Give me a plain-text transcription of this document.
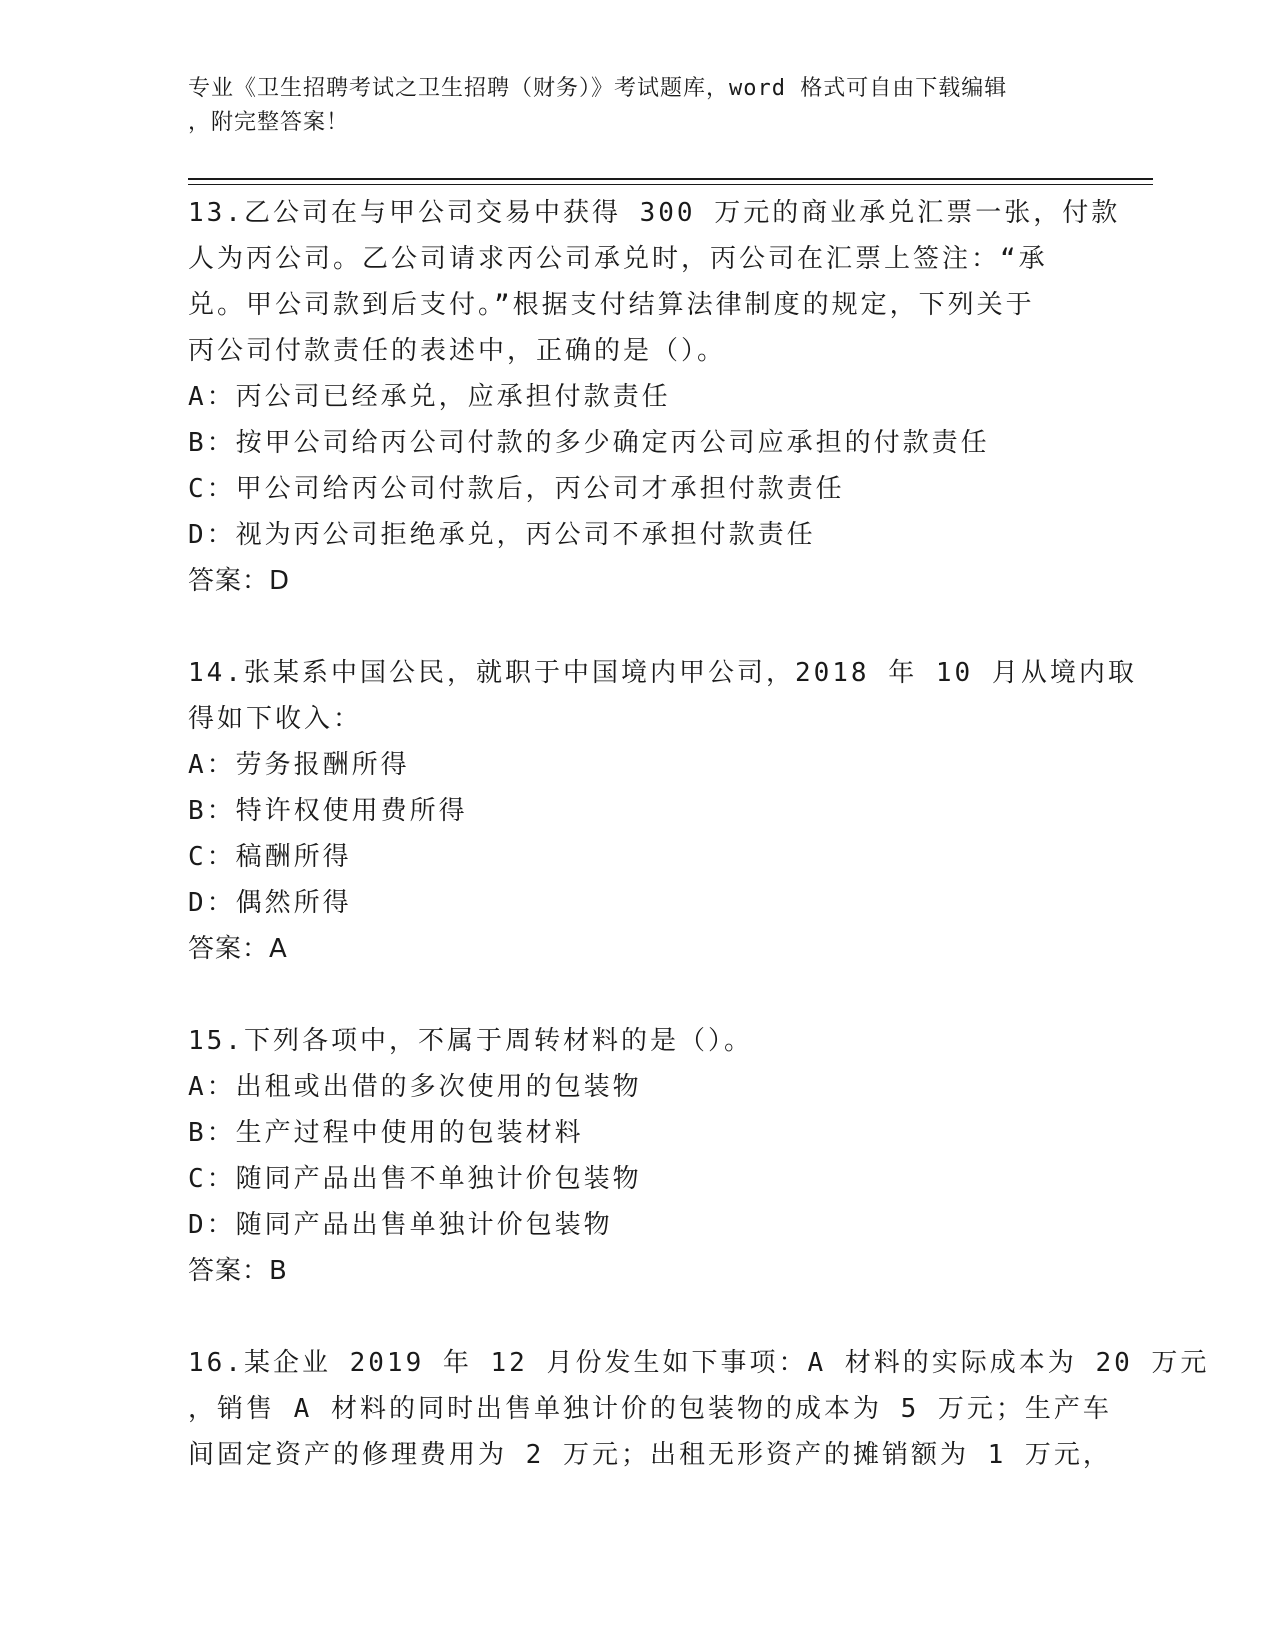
专业《卫生招聘考试之卫生招聘（财务）》考试题库，word 格式可自由下载编辑
，附完整答案！
13.乙公司在与甲公司交易中获得 300 万元的商业承兑汇票一张，付款
人为丙公司。乙公司请求丙公司承兑时，丙公司在汇票上签注：“承
兑。甲公司款到后支付。”根据支付结算法律制度的规定，下列关于
丙公司付款责任的表述中，正确的是（）。
A：丙公司已经承兑，应承担付款责任
B：按甲公司给丙公司付款的多少确定丙公司应承担的付款责任
C：甲公司给丙公司付款后，丙公司才承担付款责任
D：视为丙公司拒绝承兑，丙公司不承担付款责任
答案：D
14.张某系中国公民，就职于中国境内甲公司，2018 年 10 月从境内取
得如下收入：
A：劳务报酬所得
B：特许权使用费所得
C：稿酬所得
D：偶然所得
答案：A
15.下列各项中，不属于周转材料的是（）。
A：出租或出借的多次使用的包装物
B：生产过程中使用的包装材料
C：随同产品出售不单独计价包装物
D：随同产品出售单独计价包装物
答案：B
16.某企业 2019 年 12 月份发生如下事项：A 材料的实际成本为 20 万元
，销售 A 材料的同时出售单独计价的包装物的成本为 5 万元；生产车
间固定资产的修理费用为 2 万元；出租无形资产的摊销额为 1 万元，
